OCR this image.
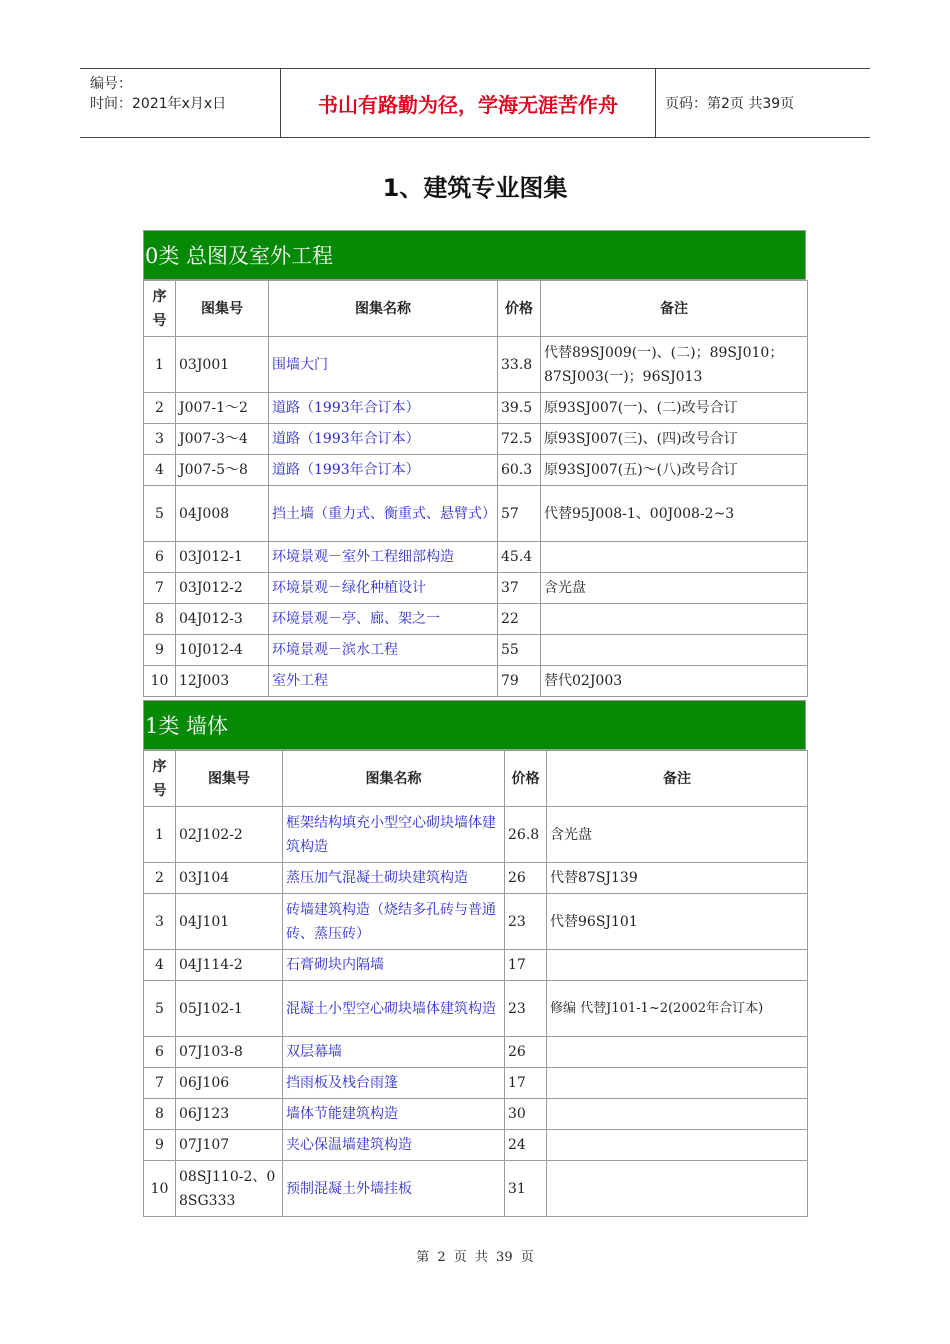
编号：
时间：2021年x月x日	书山有路勤为径，学海无涯苦作舟	页码：第2页 共39页
1、建筑专业图集
0类 总图及室外工程
序号	图集号	图集名称	价格	备注
1	03J001	围墙大门	33.8	代替89SJ009(一)、(二)；89SJ010；87SJ003(一)；96SJ013
2	J007-1～2	道路（1993年合订本）	39.5	原93SJ007(一)、(二)改号合订
3	J007-3～4	道路（1993年合订本）	72.5	原93SJ007(三)、(四)改号合订
4	J007-5～8	道路（1993年合订本）	60.3	原93SJ007(五)～(八)改号合订
5	04J008	挡土墙（重力式、衡重式、悬臂式）	57	代替95J008-1、00J008-2~3
6	03J012-1	环境景观－室外工程细部构造	45.4	
7	03J012-2	环境景观－绿化种植设计	37	含光盘
8	04J012-3	环境景观－亭、廊、架之一	22	
9	10J012-4	环境景观－滨水工程	55	
10	12J003	室外工程	79	替代02J003
1类 墙体
序号	图集号	图集名称	价格	备注
1	02J102-2	框架结构填充小型空心砌块墙体建筑构造	26.8	含光盘
2	03J104	蒸压加气混凝土砌块建筑构造	26	代替87SJ139
3	04J101	砖墙建筑构造（烧结多孔砖与普通砖、蒸压砖）	23	代替96SJ101
4	04J114-2	石膏砌块内隔墙	17	
5	05J102-1	混凝土小型空心砌块墙体建筑构造	23	修编 代替J101-1~2(2002年合订本)
6	07J103-8	双层幕墙	26	
7	06J106	挡雨板及栈台雨篷	17	
8	06J123	墙体节能建筑构造	30	
9	07J107	夹心保温墙建筑构造	24	
10	08SJ110-2、08SG333	预制混凝土外墙挂板	31	
第 2 页 共 39 页
